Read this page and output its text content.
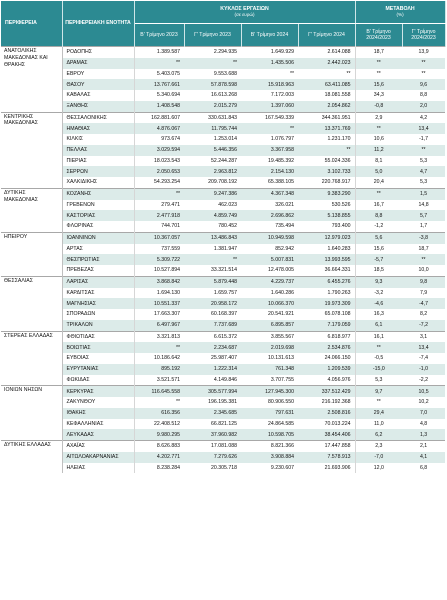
ΠΕΡΙΦΕΡΕΙΑ	ΠΕΡΙΦΕΡΕΙΑΚΗ ΕΝΟΤΗΤΑ	ΚΥΚΛΟΣ ΕΡΓΑΣΙΩΝ
(σε ευρώ)				ΜΕΤΑΒΟΛΗ
(%)	

		Β' Τρίμηνο 2023	Γ' Τρίμηνο 2023	Β' Τρίμηνο 2024	Γ' Τρίμηνο 2024	Β' Τρίμηνο 2024/2023	Γ' Τρίμηνο 2024/2023
ΑΝΑΤΟΛΙΚΗΣ ΜΑΚΕΔΟΝΙΑΣ ΚΑΙ ΘΡΑΚΗΣ	ΡΟΔΟΠΗΣ	1.389.587	2.294.935	1.649.929	2.614.088	18,7	13,9
	ΔΡΑΜΑΣ	**	**	1.435.506	2.442.023	**	**
	ΕΒΡΟΥ	5.403.075	9.553.688	**	**	**	**
	ΘΑΣΟΥ	13.767.661	57.878.598	15.918.963	63.411.085	15,6	9,6
	ΚΑΒΑΛΑΣ	5.340.694	16.613.268	7.172.003	18.081.558	34,3	8,8
	ΞΑΝΘΗΣ	1.408.548	2.015.279	1.397.060	2.054.862	-0,8	2,0
ΚΕΝΤΡΙΚΗΣ ΜΑΚΕΔΟΝΙΑΣ	ΘΕΣΣΑΛΟΝΙΚΗΣ	162.881.607	330.631.843	167.549.339	344.361.951	2,9	4,2
	ΗΜΑΘΙΑΣ	4.876.067	11.795.744	**	13.371.769	**	13,4
	ΚΙΛΚΙΣ	973.674	1.253.014	1.076.797	1.231.170	10,6	-1,7
	ΠΕΛΛΑΣ	3.029.594	5.446.356	3.367.958	**	11,2	**
	ΠΙΕΡΙΑΣ	18.023.543	52.244.287	19.485.392	55.024.336	8,1	5,3
	ΣΕΡΡΩΝ	2.050.653	2.963.812	2.154.130	3.102.733	5,0	4,7
	ΧΑΛΚΙΔΙΚΗΣ	54.293.254	209.708.192	65.388.105	220.768.917	20,4	5,3
ΔΥΤΙΚΗΣ ΜΑΚΕΔΟΝΙΑΣ	ΚΟΖΑΝΗΣ	**	9.247.386	4.367.348	9.383.290	**	1,5
	ΓΡΕΒΕΝΩΝ	279.471	462.023	326.021	530.526	16,7	14,8
	ΚΑΣΤΟΡΙΑΣ	2.477.918	4.859.749	2.696.862	5.138.855	8,8	5,7
	ΦΛΩΡΙΝΑΣ	744.701	780.452	735.494	793.400	-1,2	1,7
ΗΠΕΙΡΟΥ	ΙΩΑΝΝΙΝΩΝ	10.367.057	13.486.843	10.949.598	12.979.023	5,6	-3,8
	ΑΡΤΑΣ	737.559	1.381.947	852.942	1.640.283	15,6	18,7
	ΘΕΣΠΡΩΤΙΑΣ	5.309.722	**	5.007.831	13.993.595	-5,7	**
	ΠΡΕΒΕΖΑΣ	10.527.894	33.321.514	12.478.005	36.664.331	18,5	10,0
ΘΕΣΣΑΛΙΑΣ	ΛΑΡΙΣΑΣ	3.868.842	5.879.448	4.229.737	6.455.276	9,3	9,8
	ΚΑΡΔΙΤΣΑΣ	1.694.130	1.659.757	1.640.286	1.790.263	-3,2	7,9
	ΜΑΓΝΗΣΙΑΣ	10.551.337	20.958.172	10.066.370	19.973.309	-4,6	-4,7
	ΣΠΟΡΑΔΩΝ	17.663.307	60.168.397	20.541.921	65.078.108	16,3	8,2
	ΤΡΙΚΑΛΩΝ	6.497.967	7.737.689	6.895.857	7.179.059	6,1	-7,2
ΣΤΕΡΕΑΣ ΕΛΛΑΔΑΣ	ΦΘΙΩΤΙΔΑΣ	3.321.813	6.615.372	3.855.567	6.818.977	16,1	3,1
	ΒΟΙΩΤΙΑΣ	**	2.234.687	2.019.698	2.534.876	**	13,4
	ΕΥΒΟΙΑΣ	10.186.642	25.987.407	10.131.613	24.066.150	-0,5	-7,4
	ΕΥΡΥΤΑΝΙΑΣ	895.192	1.222.314	761.348	1.209.539	-15,0	-1,0
	ΦΩΚΙΔΑΣ	3.521.571	4.149.846	3.707.755	4.056.976	5,3	-2,2
ΙΟΝΙΩΝ ΝΗΣΩΝ	ΚΕΡΚΥΡΑΣ	116.645.558	305.577.994	127.945.300	337.512.429	9,7	10,5
	ΖΑΚΥΝΘΟΥ	**	196.195.381	80.906.550	216.192.368	**	10,2
	ΙΘΑΚΗΣ	616.356	2.345.685	797.631	2.508.816	29,4	7,0
	ΚΕΦΑΛΛΗΝΙΑΣ	22.408.512	66.821.125	24.864.585	70.013.224	11,0	4,8
	ΛΕΥΚΑΔΑΣ	9.980.295	37.960.982	10.598.705	38.454.406	6,2	1,3
ΔΥΤΙΚΗΣ ΕΛΛΑΔΑΣ	ΑΧΑΪΑΣ	8.626.883	17.081.088	8.821.366	17.447.858	2,3	2,1
	ΑΙΤΩΛΟΑΚΑΡΝΑΝΙΑΣ	4.202.771	7.279.626	3.908.884	7.578.913	-7,0	4,1
	ΗΛΕΙΑΣ	8.238.284	20.305.718	9.230.607	21.693.906	12,0	6,8
